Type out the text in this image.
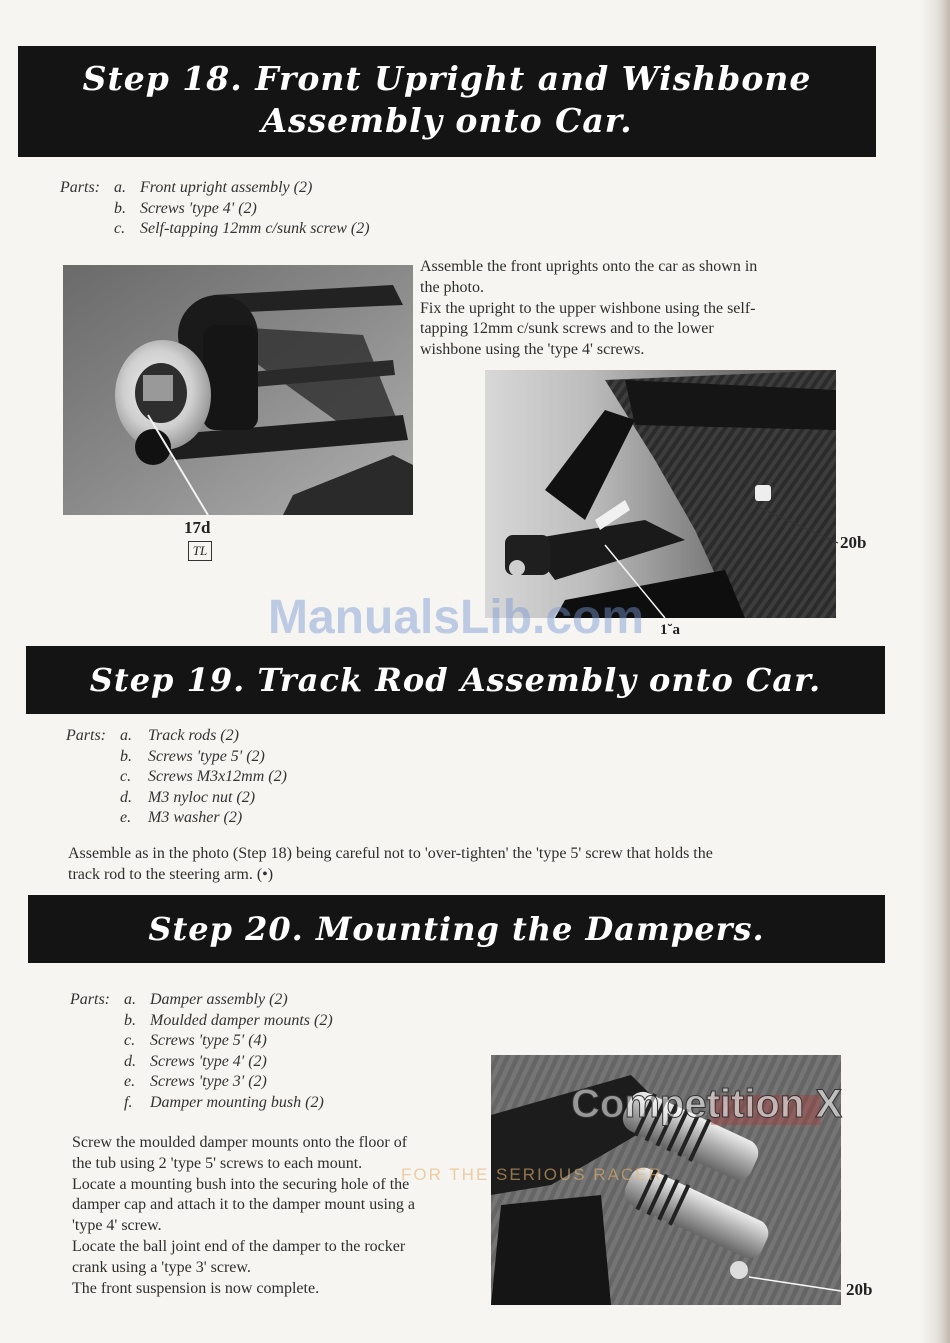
Step 18. Front Upright and Wishbone
Assembly onto Car.
Parts: a. Front upright assembly (2)
b. Screws 'type 4' (2)
c. Self-tapping 12mm c/sunk screw (2)
17d
TL
Assemble the front uprights onto the car as shown in
the photo.
Fix the upright to the upper wishbone using the self-
tapping 12mm c/sunk screws and to the lower
wishbone using the 'type 4' screws.
20b
1˘a
ManualsLib.com
Step 19. Track Rod Assembly onto Car.
Parts: a. Track rods (2)
b. Screws 'type 5' (2)
c. Screws M3x12mm (2)
d. M3 nyloc nut (2)
e. M3 washer (2)
Assemble as in the photo (Step 18) being careful not to 'over-tighten' the 'type 5' screw that holds the
track rod to the steering arm. (•)
Step 20. Mounting the Dampers.
Parts: a. Damper assembly (2)
b. Moulded damper mounts (2)
c. Screws 'type 5' (4)
d. Screws 'type 4' (2)
e. Screws 'type 3' (2)
f. Damper mounting bush (2)
Screw the moulded damper mounts onto the floor of
the tub using 2 'type 5' screws to each mount.
Locate a mounting bush into the securing hole of the
damper cap and attach it to the damper mount using a
'type 4' screw.
Locate the ball joint end of the damper to the rocker
crank using a 'type 3' screw.
The front suspension is now complete.
Competition X
FOR THE SERIOUS RACER
20b
